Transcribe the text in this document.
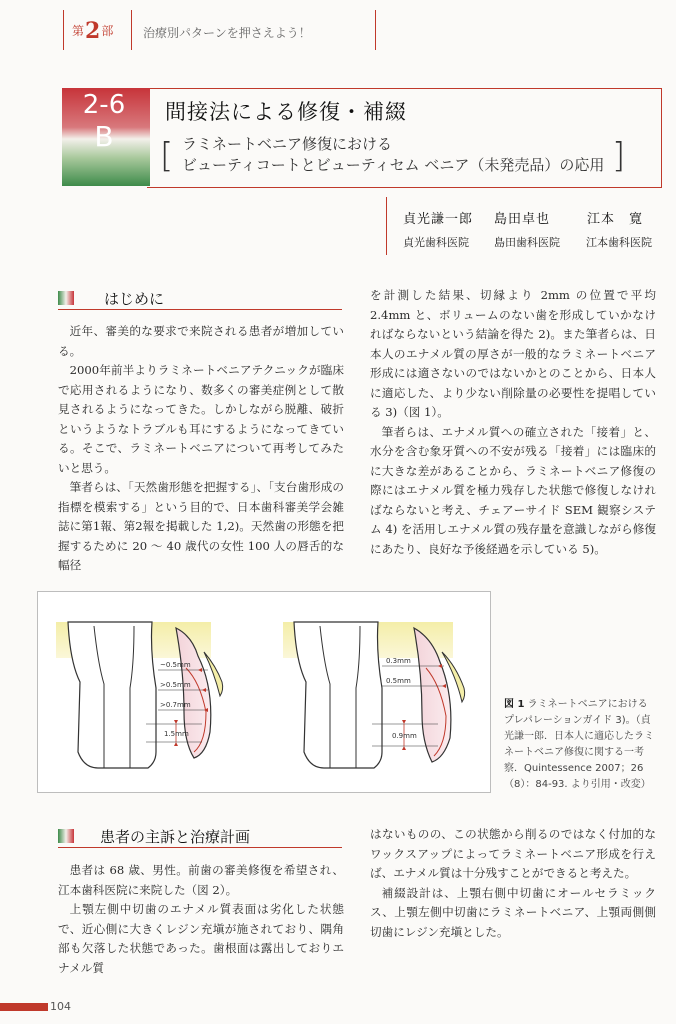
第2部 治療別パターンを押さえよう！
2-6
B
間接法による修復・補綴
[ ラミネートベニア修復における
ビューティコートとビューティセム ベニア（未発売品）の応用 ]
貞光謙一郎 島田卓也	江本　寛
貞光歯科医院 島田歯科医院 江本歯科医院
はじめに

近年、審美的な要求で来院される患者が増加している。

2000年前半よりラミネートベニアテクニックが臨床で応用されるようになり、数多くの審美症例として散見されるようになってきた。しかしながら脱離、破折というようなトラブルも耳にするようになってきている。そこで、ラミネートベニアについて再考してみたいと思う。

筆者らは、「天然歯形態を把握する」、「支台歯形成の指標を模索する」という目的で、日本歯科審美学会雑誌に第1報、第2報を掲載した 1,2)。天然歯の形態を把握するために 20 〜 40 歳代の女性 100 人の唇舌的な幅径

を計測した結果、切縁より 2mm の位置で平均 2.4mm と、ボリュームのない歯を形成していかなければならないという結論を得た 2)。また筆者らは、日本人のエナメル質の厚さが一般的なラミネートベニア形成には適さないのではないかとのことから、日本人に適応した、より少ない削除量の必要性を提唱している 3)（図 1）。

筆者らは、エナメル質への確立された「接着」と、水分を含む象牙質への不安が残る「接着」には臨床的に大きな差があることから、ラミネートベニア修復の際にはエナメル質を極力残存した状態で修復しなければならないと考え、チェアーサイド SEM 観察システム 4) を活用しエナメル質の残存量を意識しながら修復にあたり、良好な予後経過を示している 5)。

~0.5mm
>0.5mm
>0.7mm
1.5mm
0.3mm
0.5mm
0.9mm
図 1 ラミネートベニアにおけるプレパレーションガイド 3)。（貞光謙一郎．日本人に適応したラミネートベニア修復に関する一考察．Quintessence 2007；26（8）：84-93. より引用・改変）
患者の主訴と治療計画

患者は 68 歳、男性。前歯の審美修復を希望され、江本歯科医院に来院した（図 2）。

上顎左側中切歯のエナメル質表面は劣化した状態で、近心側に大きくレジン充塡が施されており、隅角部も欠落した状態であった。歯根面は露出しておりエナメル質

はないものの、この状態から削るのではなく付加的なワックスアップによってラミネートベニア形成を行えば、エナメル質は十分残すことができると考えた。

補綴設計は、上顎右側中切歯にオールセラミックス、上顎左側中切歯にラミネートベニア、上顎両側側切歯にレジン充塡とした。

104
